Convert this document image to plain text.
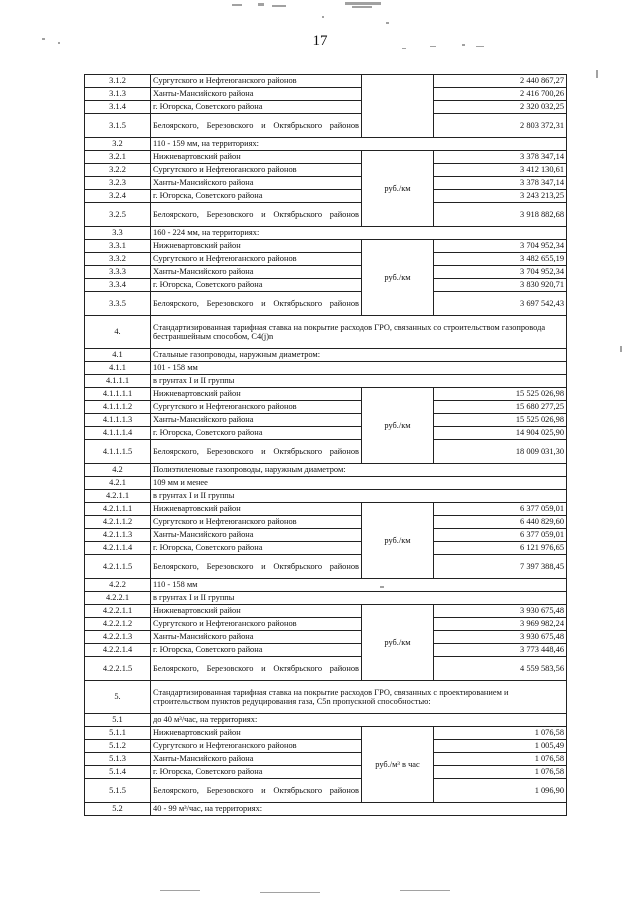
17
3.1.2	Сургутского и Нефтеюганского районов		2 440 867,27
3.1.3	Ханты-Мансийского района		2 416 700,26
3.1.4	г. Югорска, Советского района		2 320 032,25
3.1.5	Белоярского, Березовского и Октябрьского районов		2 803 372,31
3.2	110 - 159 мм, на территориях:		
3.2.1	Нижневартовский район	руб./км	3 378 347,14
3.2.2	Сургутского и Нефтеюганского районов		3 412 130,61
3.2.3	Ханты-Мансийского района		3 378 347,14
3.2.4	г. Югорска, Советского района		3 243 213,25
3.2.5	Белоярского, Березовского и Октябрьского районов		3 918 882,68
3.3	160 - 224 мм, на территориях:		
3.3.1	Нижневартовский район	руб./км	3 704 952,34
3.3.2	Сургутского и Нефтеюганского районов		3 482 655,19
3.3.3	Ханты-Мансийского района		3 704 952,34
3.3.4	г. Югорска, Советского района		3 830 920,71
3.3.5	Белоярского, Березовского и Октябрьского районов		3 697 542,43
4.	Стандартизированная тарифная ставка на покрытие расходов ГРО, связанных со строительством газопровода бестраншейным способом, C4(j)n		
4.1	Стальные газопроводы, наружным диаметром:		
4.1.1	101 - 158 мм		
4.1.1.1	в грунтах I и II группы		
4.1.1.1.1	Нижневартовский район	руб./км	15 525 026,98
4.1.1.1.2	Сургутского и Нефтеюганского районов		15 680 277,25
4.1.1.1.3	Ханты-Мансийского района		15 525 026,98
4.1.1.1.4	г. Югорска, Советского района		14 904 025,90
4.1.1.1.5	Белоярского, Березовского и Октябрьского районов		18 009 031,30
4.2	Полиэтиленовые газопроводы, наружным диаметром:		
4.2.1	109 мм и менее		
4.2.1.1	в грунтах I и II группы		
4.2.1.1.1	Нижневартовский район	руб./км	6 377 059,01
4.2.1.1.2	Сургутского и Нефтеюганского районов		6 440 829,60
4.2.1.1.3	Ханты-Мансийского района		6 377 059,01
4.2.1.1.4	г. Югорска, Советского района		6 121 976,65
4.2.1.1.5	Белоярского, Березовского и Октябрьского районов		7 397 388,45
4.2.2	110 - 158 мм		
4.2.2.1	в грунтах I и II группы		
4.2.2.1.1	Нижневартовский район	руб./км	3 930 675,48
4.2.2.1.2	Сургутского и Нефтеюганского районов		3 969 982,24
4.2.2.1.3	Ханты-Мансийского района		3 930 675,48
4.2.2.1.4	г. Югорска, Советского района		3 773 448,46
4.2.2.1.5	Белоярского, Березовского и Октябрьского районов		4 559 583,56
5.	Стандартизированная тарифная ставка на покрытие расходов ГРО, связанных с проектированием и строительством пунктов редуцирования газа, C5n пропускной способностью:		
5.1	до 40 м³/час, на территориях:		
5.1.1	Нижневартовский район	руб./м³ в час	1 076,58
5.1.2	Сургутского и Нефтеюганского районов		1 005,49
5.1.3	Ханты-Мансийского района		1 076,58
5.1.4	г. Югорска, Советского района		1 076,58
5.1.5	Белоярского, Березовского и Октябрьского районов		1 096,90
5.2	40 - 99 м³/час, на территориях:		
